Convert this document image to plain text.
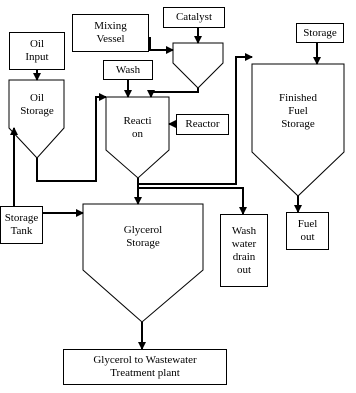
Oil
Input
Mixing
Vessel
Catalyst
Storage
Wash
Reactor
Storage
Tank	Wash
water
drain
out
Fuel
out
Glycerol to Wastewater
Treatment plant
Oil
Storage
Reacti
on
Finished
Fuel
Storage
Glycerol
Storage
